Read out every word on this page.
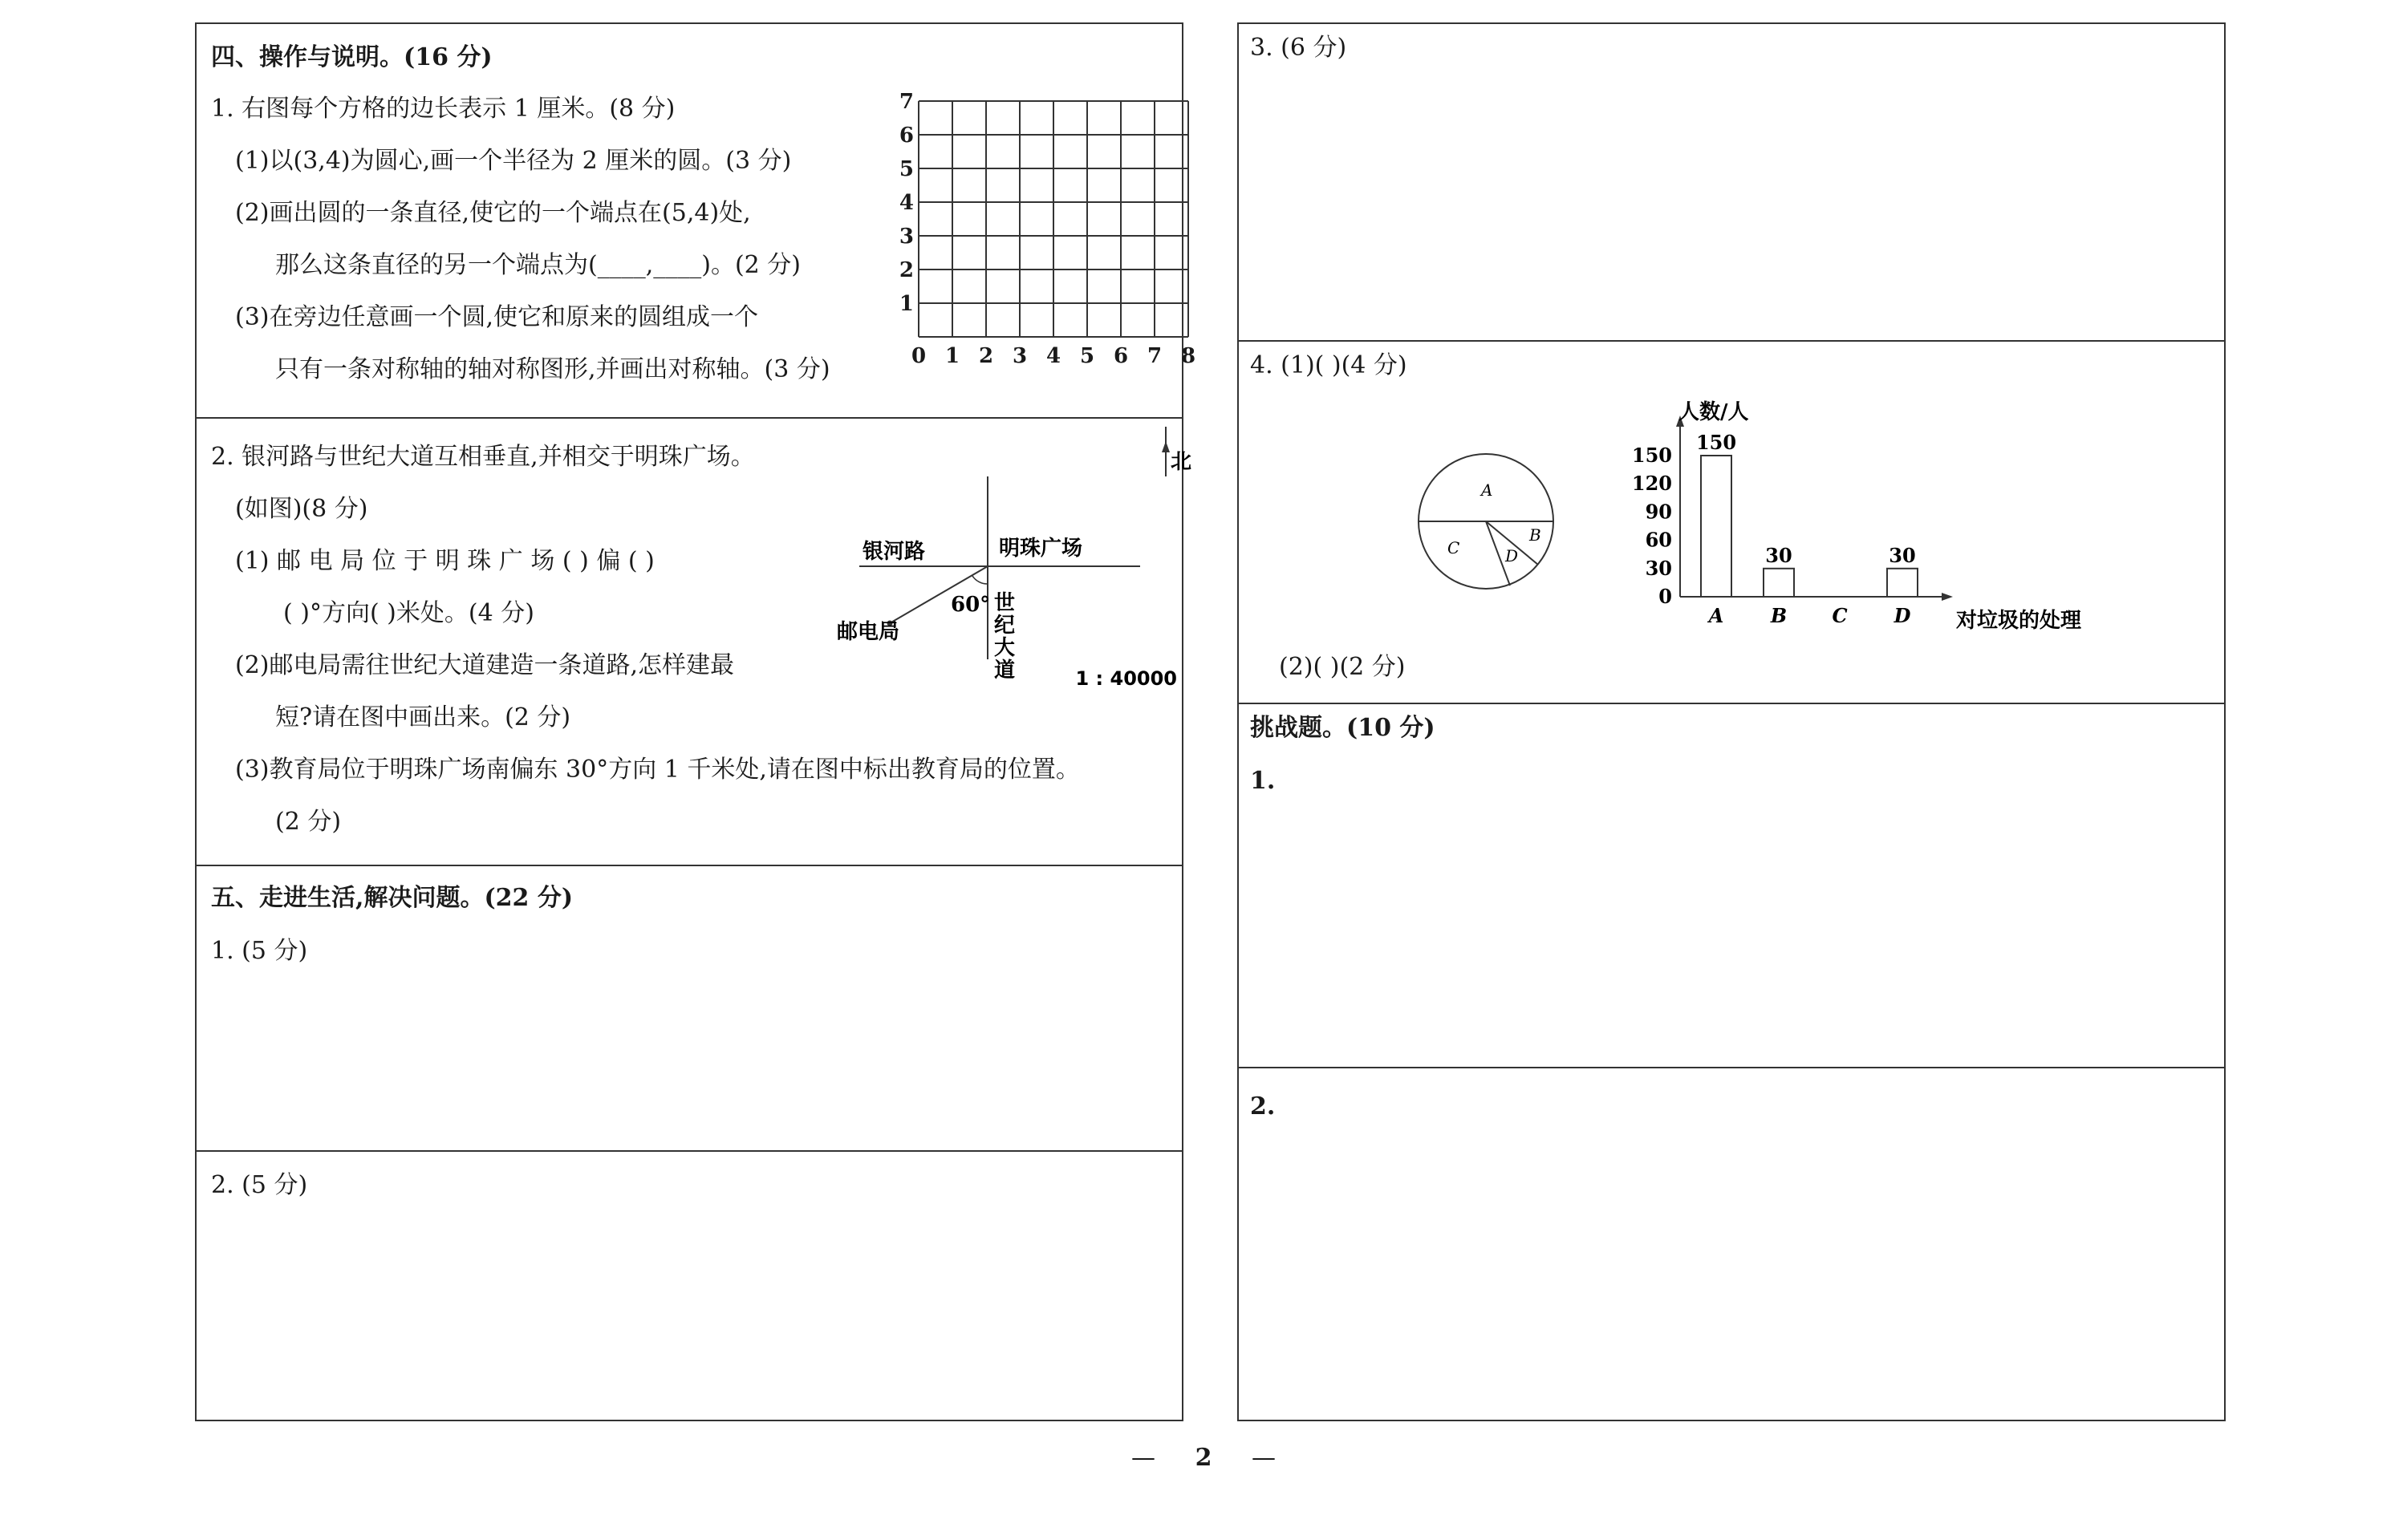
四、操作与说明。(16 分)
1. 右图每个方格的边长表示 1 厘米。(8 分)
(1)以(3,4)为圆心,画一个半径为 2 厘米的圆。(3 分)
(2)画出圆的一条直径,使它的一个端点在(5,4)处,
那么这条直径的另一个端点为(____,____)。(2 分)
(3)在旁边任意画一个圆,使它和原来的圆组成一个
只有一条对称轴的轴对称图形,并画出对称轴。(3 分)	0 1 2 3 4 5 6 7 8
1
2
3
4
5
6
7
2. 银河路与世纪大道互相垂直,并相交于明珠广场。
(如图)(8 分)
(1) 邮 电 局 位 于 明 珠 广 场 ( ) 偏 ( )
( )°方向( )米处。(4 分)
(2)邮电局需往世纪大道建造一条道路,怎样建最
短?请在图中画出来。(2 分)
(3)教育局位于明珠广场南偏东 30°方向 1 千米处,请在图中标出教育局的位置。
(2 分)
北
银河路	明珠广场
60°
邮电局
世
纪
大
道	1 : 40000
五、走进生活,解决问题。(22 分)
1. (5 分)
2. (5 分)
3. (6 分)
4. (1)( )(4 分)
(2)( )(2 分)
A
B
C	D
0
30
60
90
120
150
150
30	30
A B C D
人数/人
对垃圾的处理
挑战题。(10 分)
1.
2.
— 2 —
